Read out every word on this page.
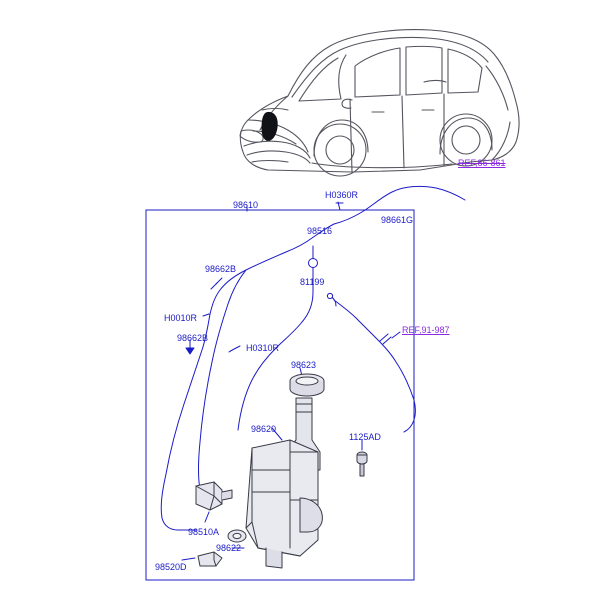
REF,86-861
H0360R
98661G
98610
98516
98662B
81199
H0010R
98662B
H0310R
REF,91-987
98623
98620
1125AD
98510A
98622
98520D
